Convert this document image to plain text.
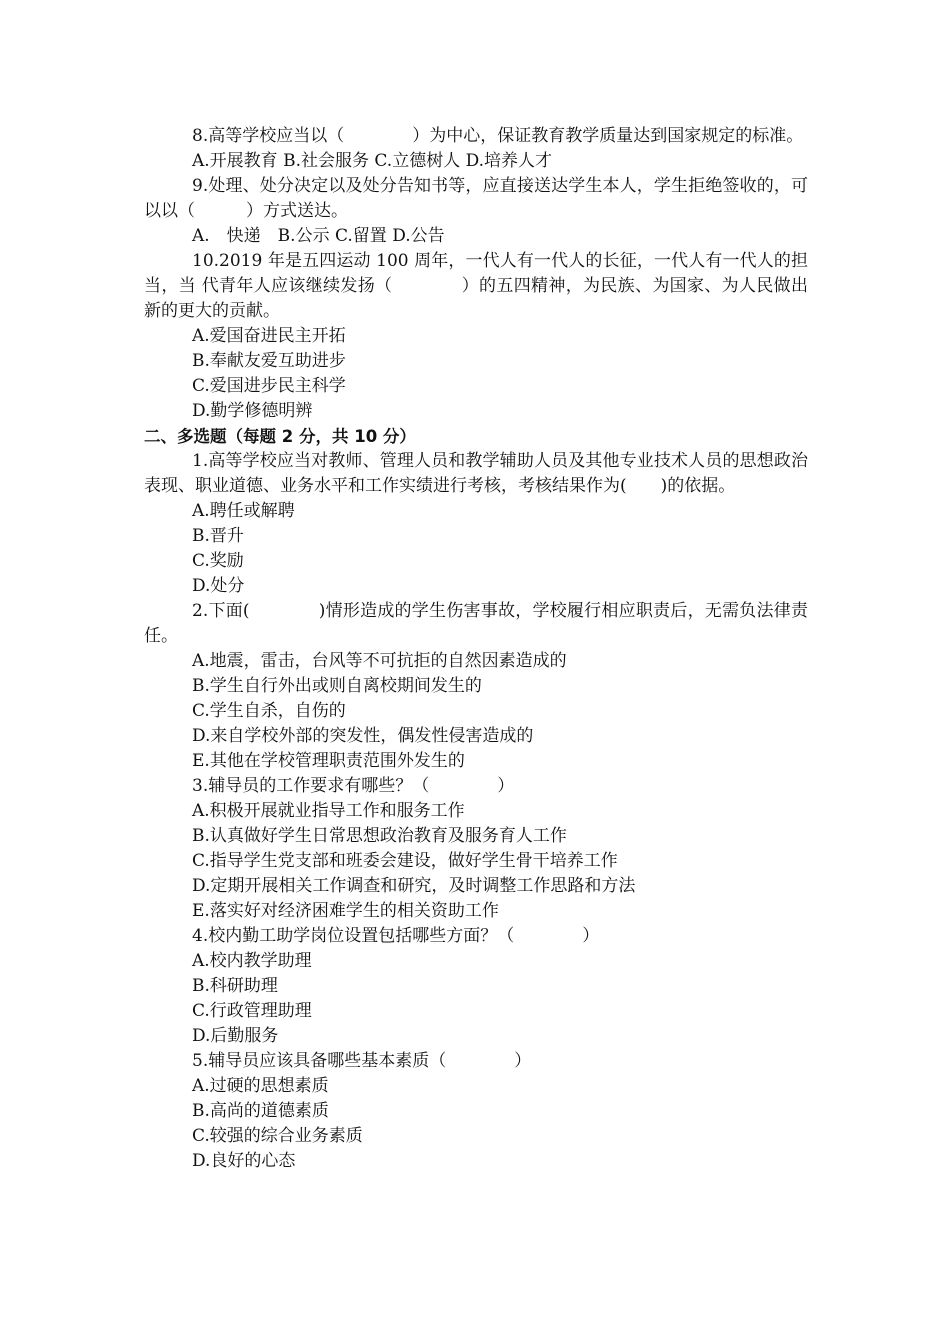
8.高等学校应当以（　　　　）为中心，保证教育教学质量达到国家规定的标准。

A.开展教育 B.社会服务 C.立德树人 D.培养人才

9.处理、处分决定以及处分告知书等，应直接送达学生本人，学生拒绝签收的，可以以（　　　）方式送达。

A.　快递　B.公示 C.留置 D.公告

10.2019 年是五四运动 100 周年，一代人有一代人的长征，一代人有一代人的担当，当 代青年人应该继续发扬（　　　　）的五四精神，为民族、为国家、为人民做出新的更大的贡献。

A.爱国奋进民主开拓

B.奉献友爱互助进步

C.爱国进步民主科学

D.勤学修德明辨

二、多选题（每题 2 分，共 10 分）

1.高等学校应当对教师、管理人员和教学辅助人员及其他专业技术人员的思想政治表现、职业道德、业务水平和工作实绩进行考核，考核结果作为(　　)的依据。

A.聘任或解聘

B.晋升

C.奖励

D.处分

2.下面(　　　　)情形造成的学生伤害事故，学校履行相应职责后，无需负法律责任。

A.地震，雷击，台风等不可抗拒的自然因素造成的

B.学生自行外出或则自离校期间发生的

C.学生自杀，自伤的

D.来自学校外部的突发性，偶发性侵害造成的

E.其他在学校管理职责范围外发生的

3.辅导员的工作要求有哪些？（　　　　）

A.积极开展就业指导工作和服务工作

B.认真做好学生日常思想政治教育及服务育人工作

C.指导学生党支部和班委会建设，做好学生骨干培养工作

D.定期开展相关工作调查和研究，及时调整工作思路和方法

E.落实好对经济困难学生的相关资助工作

4.校内勤工助学岗位设置包括哪些方面？（　　　　）

A.校内教学助理

B.科研助理

C.行政管理助理

D.后勤服务

5.辅导员应该具备哪些基本素质（　　　　）

A.过硬的思想素质

B.高尚的道德素质

C.较强的综合业务素质

D.良好的心态
